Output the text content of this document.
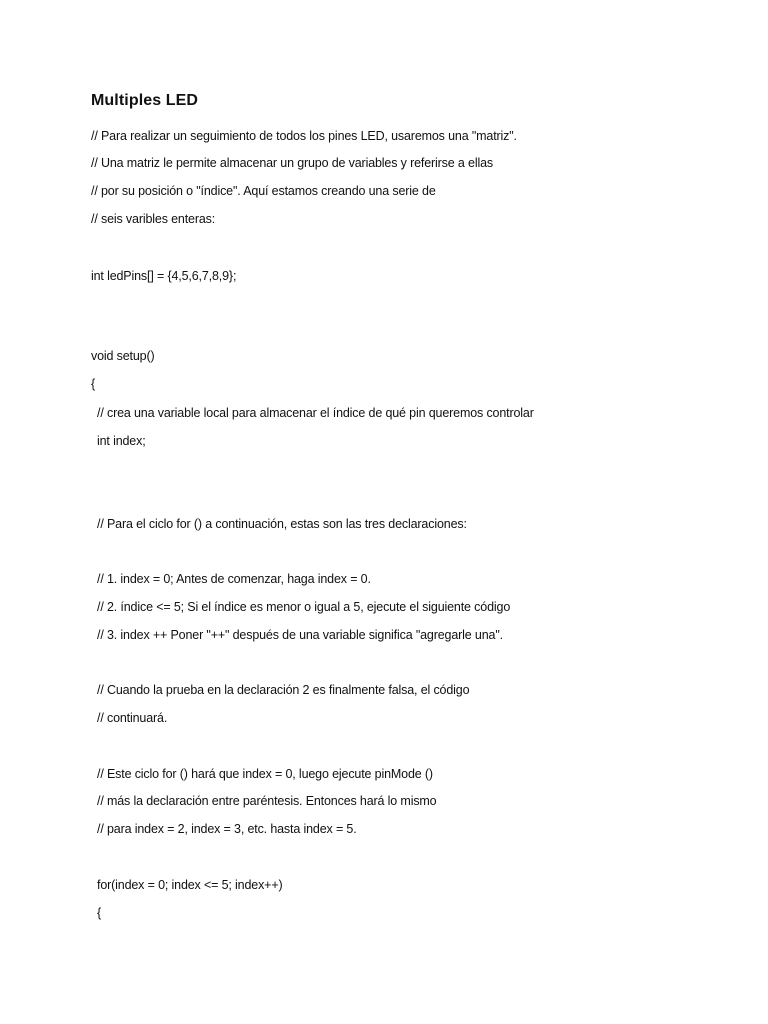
Multiples LED
// Para realizar un seguimiento de todos los pines LED, usaremos una "matriz".
// Una matriz le permite almacenar un grupo de variables y referirse a ellas
// por su posición o "índice". Aquí estamos creando una serie de
// seis varibles enteras:
int ledPins[] = {4,5,6,7,8,9};
void setup()
{
// crea una variable local para almacenar el índice de qué pin queremos controlar
int index;
// Para el ciclo for () a continuación, estas son las tres declaraciones:
// 1. index = 0; Antes de comenzar, haga index = 0.
// 2. índice <= 5; Si el índice es menor o igual a 5, ejecute el siguiente código
// 3. index ++ Poner "++" después de una variable significa "agregarle una".
// Cuando la prueba en la declaración 2 es finalmente falsa, el código
// continuará.
// Este ciclo for () hará que index = 0, luego ejecute pinMode ()
// más la declaración entre paréntesis. Entonces hará lo mismo
// para index = 2, index = 3, etc. hasta index = 5.
for(index = 0; index <= 5; index++)
{
